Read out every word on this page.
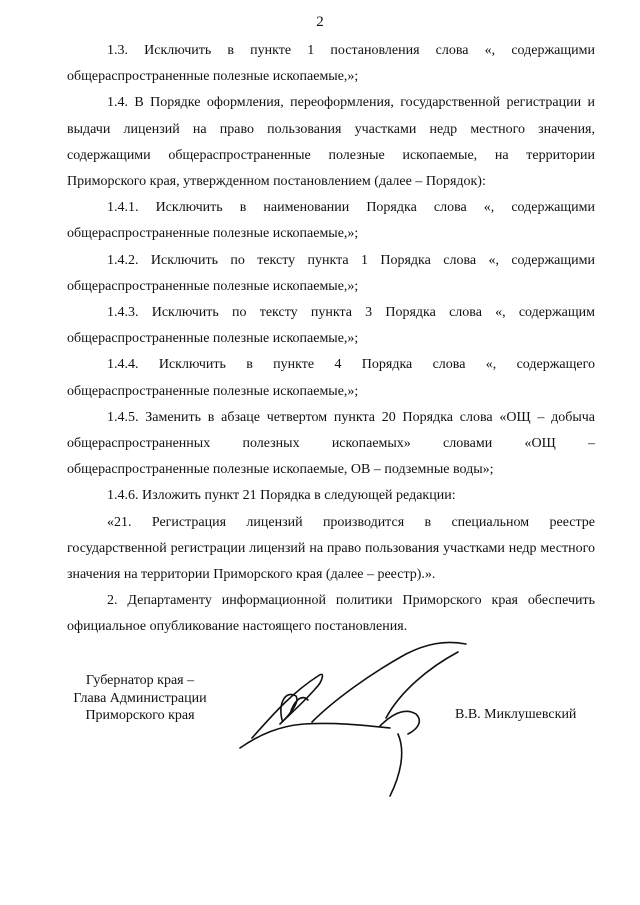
2

1.3. Исключить в пункте 1 постановления слова «, содержащими общераспространенные полезные ископаемые,»;

1.4. В Порядке оформления, переоформления, государственной регистрации и выдачи лицензий на право пользования участками недр местного значения, содержащими общераспространенные полезные ископаемые, на территории Приморского края, утвержденном постановлением (далее – Порядок):

1.4.1. Исключить в наименовании Порядка слова «, содержащими общераспространенные полезные ископаемые,»;

1.4.2. Исключить по тексту пункта 1 Порядка слова «, содержащими общераспространенные полезные ископаемые,»;

1.4.3. Исключить по тексту пункта 3 Порядка слова «, содержащим общераспространенные полезные ископаемые,»;

1.4.4. Исключить в пункте 4 Порядка слова «, содержащего общераспространенные полезные ископаемые,»;

1.4.5. Заменить в абзаце четвертом пункта 20 Порядка слова «ОЩ – добыча общераспространенных полезных ископаемых» словами «ОЩ – общераспространенные полезные ископаемые, ОВ – подземные воды»;

1.4.6. Изложить пункт 21 Порядка в следующей редакции:

«21. Регистрация лицензий производится в специальном реестре государственной регистрации лицензий на право пользования участками недр местного значения на территории Приморского края (далее – реестр).».

2. Департаменту информационной политики Приморского края обеспечить официальное опубликование настоящего постановления.

Губернатор края –
Глава Администрации
Приморского края	В.В. Миклушевский
